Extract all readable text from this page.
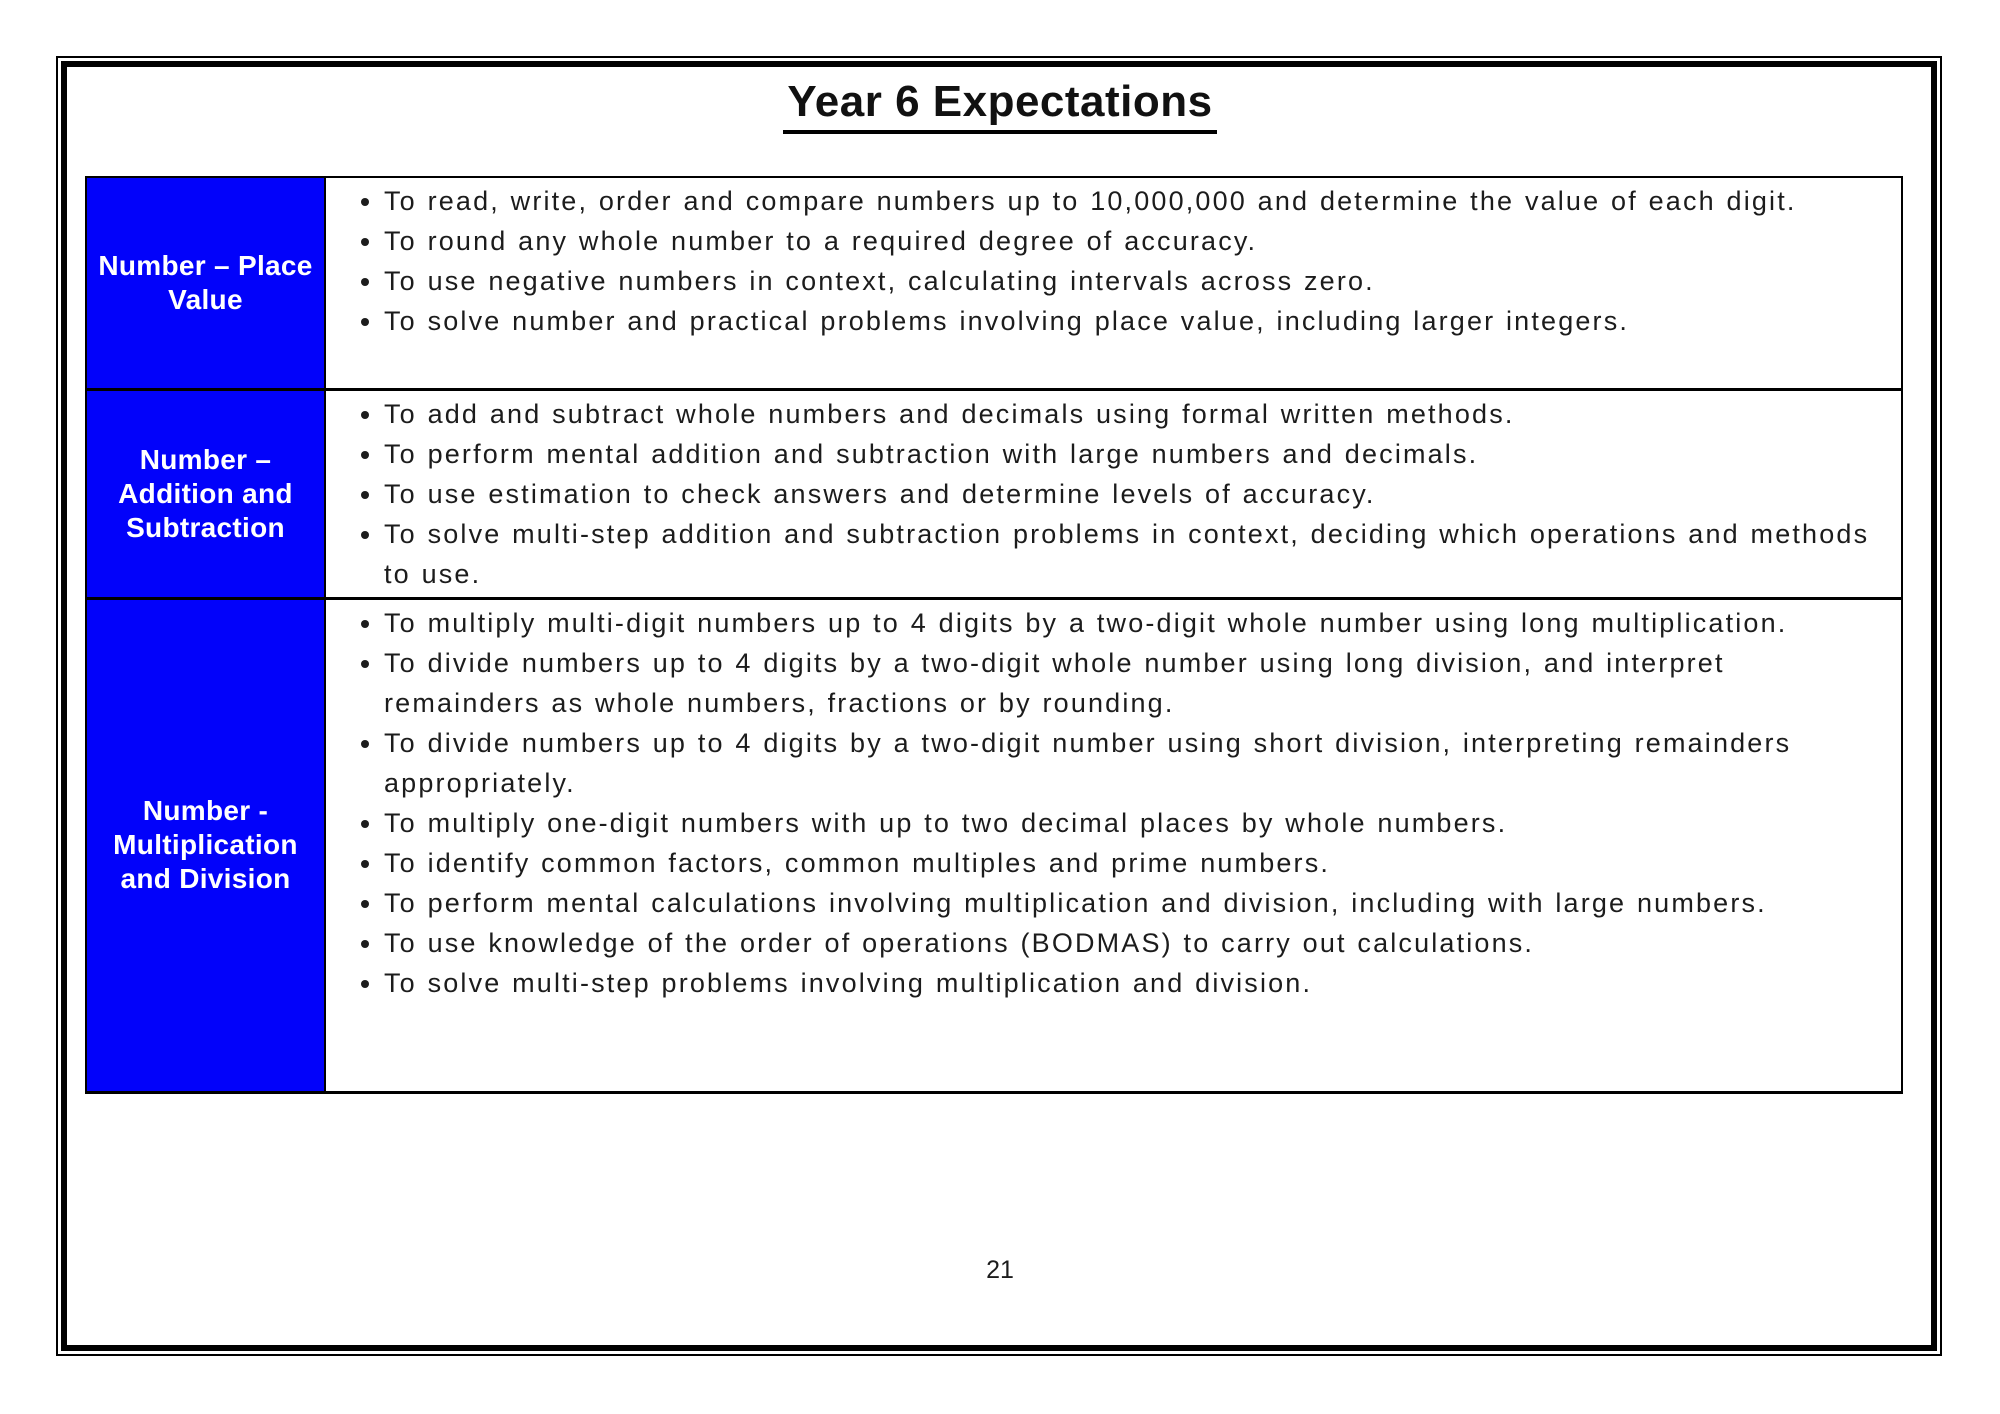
Year 6 Expectations
Number – Place Value	
• To read, write, order and compare numbers up to 10,000,000 and determine the value of each digit.
• To round any whole number to a required degree of accuracy.
• To use negative numbers in context, calculating intervals across zero.
• To solve number and practical problems involving place value, including larger integers.

Number – Addition and Subtraction	
• To add and subtract whole numbers and decimals using formal written methods.
• To perform mental addition and subtraction with large numbers and decimals.
• To use estimation to check answers and determine levels of accuracy.
• To solve multi-step addition and subtraction problems in context, deciding which operations and methods to use.

Number - Multiplication and Division	
• To multiply multi-digit numbers up to 4 digits by a two-digit whole number using long multiplication.
• To divide numbers up to 4 digits by a two-digit whole number using long division, and interpret remainders as whole numbers, fractions or by rounding.
• To divide numbers up to 4 digits by a two-digit number using short division, interpreting remainders appropriately.
• To multiply one-digit numbers with up to two decimal places by whole numbers.
• To identify common factors, common multiples and prime numbers.
• To perform mental calculations involving multiplication and division, including with large numbers.
• To use knowledge of the order of operations (BODMAS) to carry out calculations.
• To solve multi-step problems involving multiplication and division.
21
